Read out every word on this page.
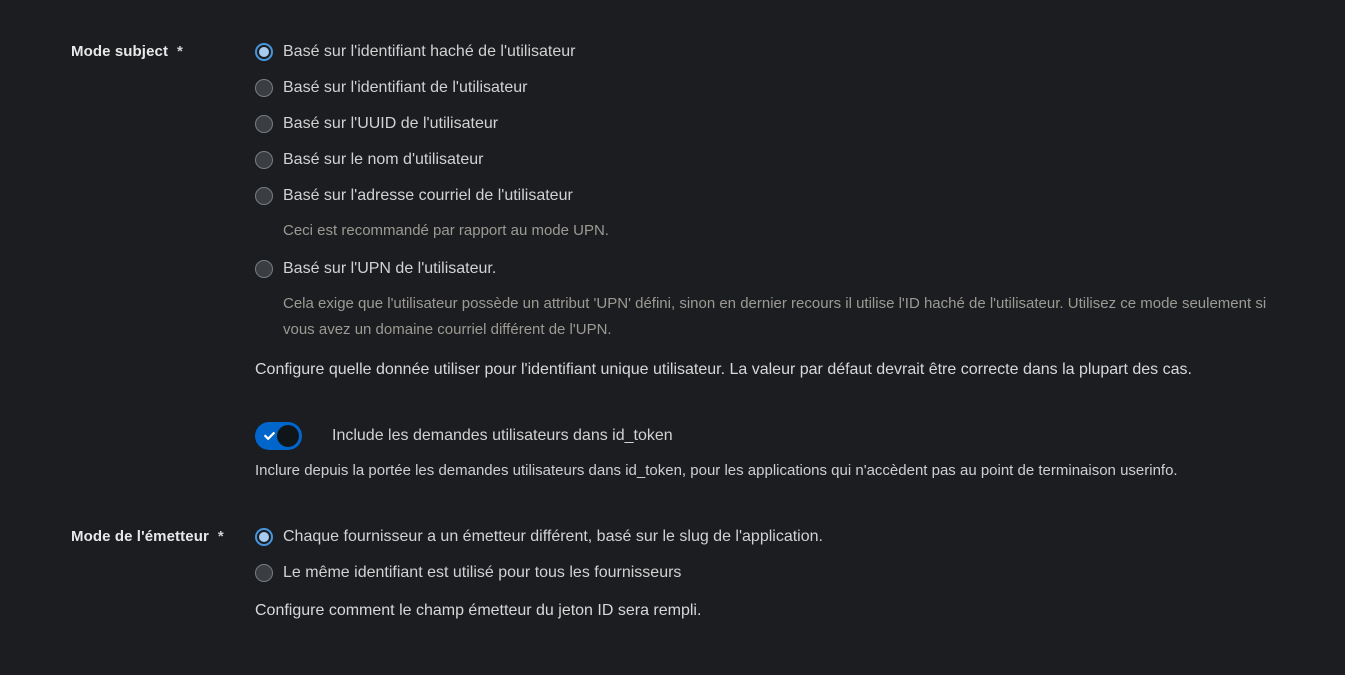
Mode subject *	Basé sur l'identifiant haché de l'utilisateur
Basé sur l'identifiant de l'utilisateur
Basé sur l'UUID de l'utilisateur
Basé sur le nom d'utilisateur
Basé sur l'adresse courriel de l'utilisateur
Ceci est recommandé par rapport au mode UPN.
Basé sur l'UPN de l'utilisateur.
Cela exige que l'utilisateur possède un attribut 'UPN' défini, sinon en dernier recours il utilise l'ID haché de l'utilisateur. Utilisez ce mode seulement si vous avez un domaine courriel différent de l'UPN.

Configure quelle donnée utiliser pour l'identifiant unique utilisateur. La valeur par défaut devrait être correcte dans la plupart des cas.

Include les demandes utilisateurs dans id_token

Inclure depuis la portée les demandes utilisateurs dans id_token, pour les applications qui n'accèdent pas au point de terminaison userinfo.

Mode de l'émetteur *	Chaque fournisseur a un émetteur différent, basé sur le slug de l'application.
Le même identifiant est utilisé pour tous les fournisseurs

Configure comment le champ émetteur du jeton ID sera rempli.
